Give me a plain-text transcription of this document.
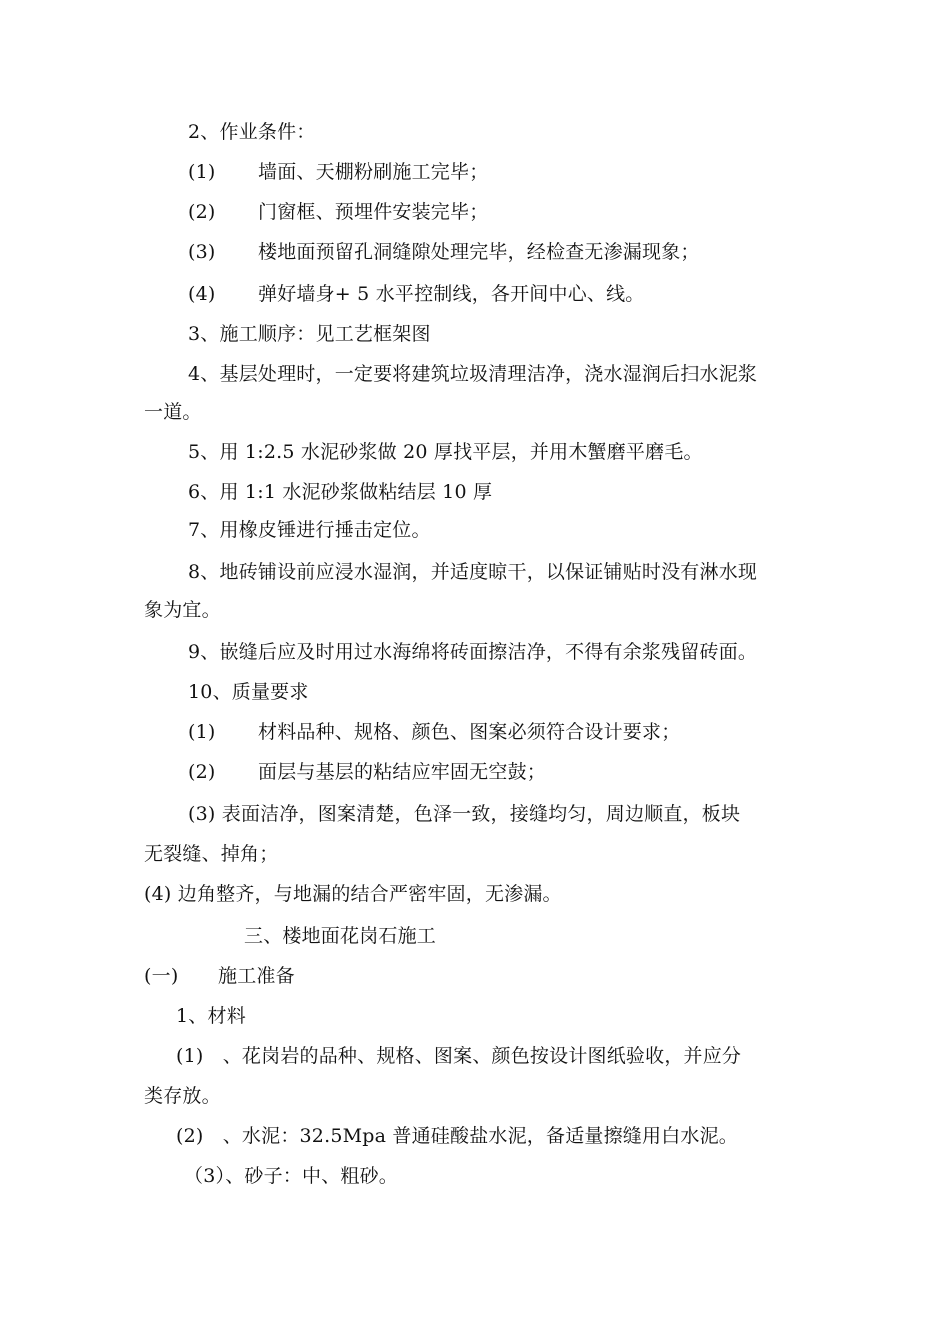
2、作业条件：
(1) 墙面、天棚粉刷施工完毕；
(2) 门窗框、预埋件安装完毕；
(3) 楼地面预留孔洞缝隙处理完毕，经检查无渗漏现象；
(4) 弹好墙身+ 5 水平控制线，各开间中心、线。
3、施工顺序：见工艺框架图
4、基层处理时，一定要将建筑垃圾清理洁净，浇水湿润后扫水泥浆
一道。
5、用 1:2.5 水泥砂浆做 20 厚找平层，并用木蟹磨平磨毛。
6、用 1:1 水泥砂浆做粘结层 10 厚
7、用橡皮锤进行捶击定位。
8、地砖铺设前应浸水湿润，并适度晾干，以保证铺贴时没有淋水现
象为宜。
9、嵌缝后应及时用过水海绵将砖面擦洁净，不得有余浆残留砖面。
10、质量要求
(1) 材料品种、规格、颜色、图案必须符合设计要求；
(2) 面层与基层的粘结应牢固无空鼓；
(3) 表面洁净，图案清楚，色泽一致，接缝均匀，周边顺直，板块
无裂缝、掉角；
(4) 边角整齐，与地漏的结合严密牢固，无渗漏。
三、楼地面花岗石施工
(一) 施工准备
1、材料
(1)　、花岗岩的品种、规格、图案、颜色按设计图纸验收，并应分
类存放。
(2)　、水泥：32.5Mpa 普通硅酸盐水泥，备适量擦缝用白水泥。
（3）、砂子：中、粗砂。
